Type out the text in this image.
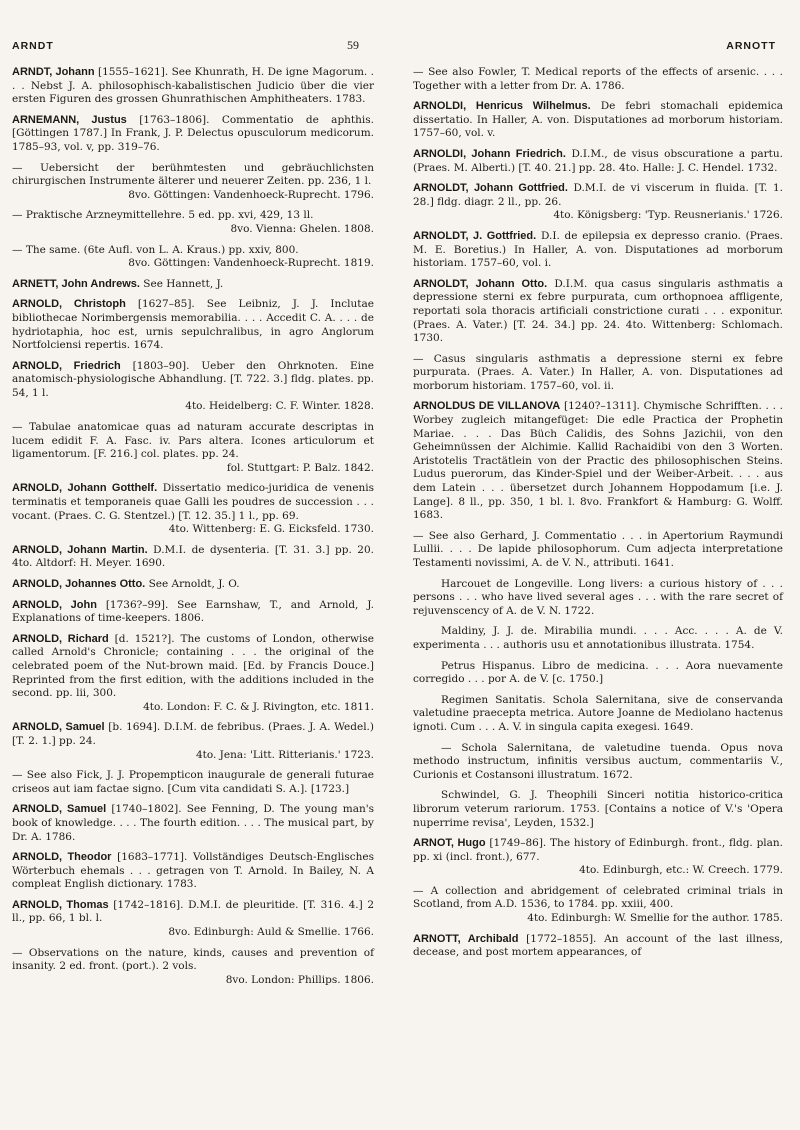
ARNDT	59	ARNOTT

ARNDT, Johann [1555–1621]. See Khunrath, H. De igne Magorum. . . . Nebst J. A. philosophisch-kabalistischen Judicio über die vier ersten Figuren des grossen Ghunrathischen Amphitheaters. 1783.

ARNEMANN, Justus [1763–1806]. Commentatio de aphthis. [Göttingen 1787.] In Frank, J. P. Delectus opusculorum medicorum. 1785–93, vol. v, pp. 319–76.

— Uebersicht der berühmtesten und gebräuchlichsten chirurgischen Instrumente älterer und neuerer Zeiten. pp. 236, 1 l.
8vo. Göttingen: Vandenhoeck-Ruprecht. 1796.

— Praktische Arzneymittellehre. 5 ed. pp. xvi, 429, 13 ll.
8vo. Vienna: Ghelen. 1808.

— The same. (6te Aufl. von L. A. Kraus.) pp. xxiv, 800.
8vo. Göttingen: Vandenhoeck-Ruprecht. 1819.

ARNETT, John Andrews. See Hannett, J.

ARNOLD, Christoph [1627–85]. See Leibniz, J. J. Inclutae bibliothecae Norimbergensis memorabilia. . . . Accedit C. A. . . . de hydriotaphia, hoc est, urnis sepulchralibus, in agro Anglorum Nortfolciensi repertis. 1674.

ARNOLD, Friedrich [1803–90]. Ueber den Ohrknoten. Eine anatomisch-physiologische Abhandlung. [T. 722. 3.] fldg. plates. pp. 54, 1 l.
4to. Heidelberg: C. F. Winter. 1828.

— Tabulae anatomicae quas ad naturam accurate descriptas in lucem edidit F. A. Fasc. iv. Pars altera. Icones articulorum et ligamentorum. [F. 216.] col. plates. pp. 24.
fol. Stuttgart: P. Balz. 1842.

ARNOLD, Johann Gotthelf. Dissertatio medico-juridica de venenis terminatis et temporaneis quae Galli les poudres de succession . . . vocant. (Praes. C. G. Stentzel.) [T. 12. 35.] 1 l., pp. 69.
4to. Wittenberg: E. G. Eicksfeld. 1730.

ARNOLD, Johann Martin. D.M.I. de dysenteria. [T. 31. 3.] pp. 20. 4to. Altdorf: H. Meyer. 1690.

ARNOLD, Johannes Otto. See Arnoldt, J. O.

ARNOLD, John [1736?–99]. See Earnshaw, T., and Arnold, J. Explanations of time-keepers. 1806.

ARNOLD, Richard [d. 1521?]. The customs of London, otherwise called Arnold's Chronicle; containing . . . the original of the celebrated poem of the Nut-brown maid. [Ed. by Francis Douce.] Reprinted from the first edition, with the additions included in the second. pp. lii, 300.
4to. London: F. C. & J. Rivington, etc. 1811.

ARNOLD, Samuel [b. 1694]. D.I.M. de febribus. (Praes. J. A. Wedel.) [T. 2. 1.] pp. 24.
4to. Jena: 'Litt. Ritterianis.' 1723.

— See also Fick, J. J. Propempticon inaugurale de generali futurae criseos aut iam factae signo. [Cum vita candidati S. A.]. [1723.]

ARNOLD, Samuel [1740–1802]. See Fenning, D. The young man's book of knowledge. . . . The fourth edition. . . . The musical part, by Dr. A. 1786.

ARNOLD, Theodor [1683–1771]. Vollständiges Deutsch-Englisches Wörterbuch ehemals . . . getragen von T. Arnold. In Bailey, N. A compleat English dictionary. 1783.

ARNOLD, Thomas [1742–1816]. D.M.I. de pleuritide. [T. 316. 4.] 2 ll., pp. 66, 1 bl. l.
8vo. Edinburgh: Auld & Smellie. 1766.

— Observations on the nature, kinds, causes and prevention of insanity. 2 ed. front. (port.). 2 vols.
8vo. London: Phillips. 1806.

— See also Fowler, T. Medical reports of the effects of arsenic. . . . Together with a letter from Dr. A. 1786.

ARNOLDI, Henricus Wilhelmus. De febri stomachali epidemica dissertatio. In Haller, A. von. Disputationes ad morborum historiam. 1757–60, vol. v.

ARNOLDI, Johann Friedrich. D.I.M., de visus obscuratione a partu. (Praes. M. Alberti.) [T. 40. 21.] pp. 28. 4to. Halle: J. C. Hendel. 1732.

ARNOLDT, Johann Gottfried. D.M.I. de vi viscerum in fluida. [T. 1. 28.] fldg. diagr. 2 ll., pp. 26.
4to. Königsberg: 'Typ. Reusnerianis.' 1726.

ARNOLDT, J. Gottfried. D.I. de epilepsia ex depresso cranio. (Praes. M. E. Boretius.) In Haller, A. von. Disputationes ad morborum historiam. 1757–60, vol. i.

ARNOLDT, Johann Otto. D.I.M. qua casus singularis asthmatis a depressione sterni ex febre purpurata, cum orthopnoea affligente, reportati sola thoracis artificiali constrictione curati . . . exponitur. (Praes. A. Vater.) [T. 24. 34.] pp. 24. 4to. Wittenberg: Schlomach. 1730.

— Casus singularis asthmatis a depressione sterni ex febre purpurata. (Praes. A. Vater.) In Haller, A. von. Disputationes ad morborum historiam. 1757–60, vol. ii.

ARNOLDUS DE VILLANOVA [1240?–1311]. Chymische Schrifften. . . . Worbey zugleich mitangefüget: Die edle Practica der Prophetin Mariae. . . . Das Büch Calidis, des Sohns Jazichii, von den Geheimnüssen der Alchimie. Kallid Rachaidibi von den 3 Worten. Aristotelis Tractätlein von der Practic des philosophischen Steins. Ludus puerorum, das Kinder-Spiel und der Weiber-Arbeit. . . . aus dem Latein . . . übersetzet durch Johannem Hoppodamum [i.e. J. Lange]. 8 ll., pp. 350, 1 bl. l. 8vo. Frankfort & Hamburg: G. Wolff. 1683.

— See also Gerhard, J. Commentatio . . . in Apertorium Raymundi Lullii. . . . De lapide philosophorum. Cum adjecta interpretatione Testamenti novissimi, A. de V. N., attributi. 1641.

Harcouet de Longeville. Long livers: a curious history of . . . persons . . . who have lived several ages . . . with the rare secret of rejuvenscency of A. de V. N. 1722.

Maldiny, J. J. de. Mirabilia mundi. . . . Acc. . . . A. de V. experimenta . . . authoris usu et annotationibus illustrata. 1754.

Petrus Hispanus. Libro de medicina. . . . Aora nuevamente corregido . . . por A. de V. [c. 1750.]

Regimen Sanitatis. Schola Salernitana, sive de conservanda valetudine praecepta metrica. Autore Joanne de Mediolano hactenus ignoti. Cum . . . A. V. in singula capita exegesi. 1649.

— Schola Salernitana, de valetudine tuenda. Opus nova methodo instructum, infinitis versibus auctum, commentariis V., Curionis et Costansoni illustratum. 1672.

Schwindel, G. J. Theophili Sinceri notitia historico-critica librorum veterum rariorum. 1753. [Contains a notice of V.'s 'Opera nuperrime revisa', Leyden, 1532.]

ARNOT, Hugo [1749–86]. The history of Edinburgh. front., fldg. plan. pp. xi (incl. front.), 677.
4to. Edinburgh, etc.: W. Creech. 1779.

— A collection and abridgement of celebrated criminal trials in Scotland, from A.D. 1536, to 1784. pp. xxiii, 400.
4to. Edinburgh: W. Smellie for the author. 1785.

ARNOTT, Archibald [1772–1855]. An account of the last illness, decease, and post mortem appearances, of
